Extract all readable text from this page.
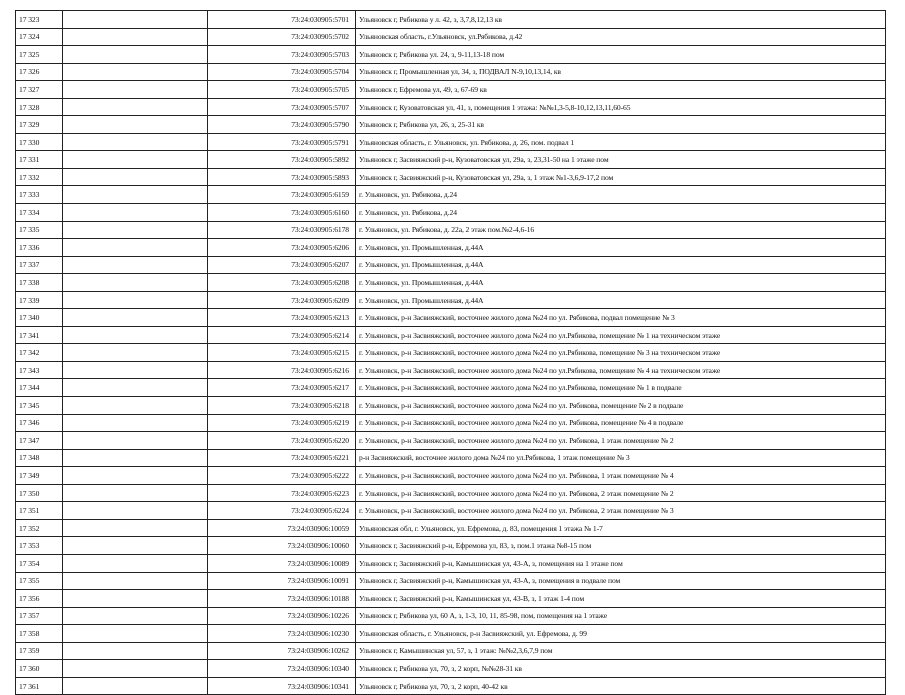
17 323		73:24:030905:5701	Ульяновск г, Рябикова у л. 42, з, 3,7,8,12,13 кв
17 324		73:24:030905:5702	Ульяновская область, г.Ульяновск, ул.Рябикова, д.42
17 325		73:24:030905:5703	Ульяновск г, Рябикова ул. 24, з, 9-11,13-18 пом
17 326		73:24:030905:5704	Ульяновск г, Промышленная ул, 34, з, ПОДВАЛ N-9,10,13,14, кв
17 327		73:24:030905:5705	Ульяновск г, Ефремова ул, 49, з, 67-69 кв
17 328		73:24:030905:5707	Ульяновск г, Кузоватовская ул, 41, з, помещения 1 этажа: №№1,3-5,8-10,12,13,11,60-65
17 329		73:24:030905:5790	Ульяновск г, Рябикова ул, 26, з, 25-31 кв
17 330		73:24:030905:5791	Ульяновская область, г. Ульяновск, ул. Рябикова, д. 26, пом. подвал 1
17 331		73:24:030905:5892	Ульяновск г, Засвияжский р-н, Кузоватовская ул, 29а, з, 23,31-50 на 1 этаже пом
17 332		73:24:030905:5893	Ульяновск г, Засвияжский р-н, Кузоватовская ул, 29а, з, 1 этаж №1-3,6,9-17,2 пом
17 333		73:24:030905:6159	г. Ульяновск, ул. Рябикова, д.24
17 334		73:24:030905:6160	г. Ульяновск, ул. Рябикова, д.24
17 335		73:24:030905:6178	г. Ульяновск, ул. Рябикова, д. 22а, 2 этаж пом.№2-4,6-16
17 336		73:24:030905:6206	г. Ульяновск, ул. Промышленная, д.44А
17 337		73:24:030905:6207	г. Ульяновск, ул. Промышленная, д.44А
17 338		73:24:030905:6208	г. Ульяновск, ул. Промышленная, д.44А
17 339		73:24:030905:6209	г. Ульяновск, ул. Промышленная, д.44А
17 340		73:24:030905:6213	г. Ульяновск, р-н Засвияжский, восточнее жилого дома №24 по ул. Рябикова, подвал помещение № 3
17 341		73:24:030905:6214	г. Ульяновск, р-н Засвияжский, восточнее жилого дома №24 по ул.Рябикова, помещение № 1 на техническом этаже
17 342		73:24:030905:6215	г. Ульяновск, р-н Засвияжский, восточнее жилого дома №24 по ул.Рябикова, помещение № 3 на техническом этаже
17 343		73:24:030905:6216	г. Ульяновск, р-н Засвияжский, восточнее жилого дома №24 по ул.Рябикова, помещение № 4 на техническом этаже
17 344		73:24:030905:6217	г. Ульяновск, р-н Засвияжский, восточнее жилого дома №24 по ул.Рябикова, помещение № 1 в подвале
17 345		73:24:030905:6218	г. Ульяновск, р-н Засвияжский, восточнее жилого дома №24 по ул. Рябикова, помещение № 2 в подвале
17 346		73:24:030905:6219	г. Ульяновск, р-н Засвияжский, восточнее жилого дома №24 по ул. Рябикова, помещение № 4 в подвале
17 347		73:24:030905:6220	г. Ульяновск, р-н Засвияжский, восточнее жилого дома №24 по ул. Рябикова, 1 этаж помещение № 2
17 348		73:24:030905:6221	р-н Засвияжский, восточнее жилого дома №24 по ул.Рябикова, 1 этаж помещение № 3
17 349		73:24:030905:6222	г. Ульяновск, р-н Засвияжский, восточнее жилого дома №24 по ул. Рябикова, 1 этаж помещение № 4
17 350		73:24:030905:6223	г. Ульяновск, р-н Засвияжский, восточнее жилого дома №24 по ул. Рябикова, 2 этаж помещение № 2
17 351		73:24:030905:6224	г. Ульяновск, р-н Засвияжский, восточнее жилого дома №24 по ул. Рябикова, 2 этаж помещение № 3
17 352		73:24:030906:10059	Ульяновская обл, г. Ульяновск, ул. Ефремова, д. 83, помещения 1 этажа № 1-7
17 353		73:24:030906:10060	Ульяновск г, Засвияжский р-н, Ефремова ул, 83, з, пом.1 этажа №8-15 пом
17 354		73:24:030906:10089	Ульяновск г, Засвияжский р-н, Камышинская ул, 43-А, з, помещения на 1 этаже пом
17 355		73:24:030906:10091	Ульяновск г, Засвияжский р-н, Камышинская ул, 43-А, з, помещения в подвале пом
17 356		73:24:030906:10188	Ульяновск г, Засвияжский р-н, Камышинская ул, 43-В, з, 1 этаж 1-4 пом
17 357		73:24:030906:10226	Ульяновск г, Рябикова ул, 60 А, з, 1-3, 10, 11, 85-98, пом, помещения на 1 этаже
17 358		73:24:030906:10230	Ульяновская область, г. Ульяновск, р-н Засвияжский, ул. Ефремова, д. 99
17 359		73:24:030906:10262	Ульяновск г, Камышинская ул, 57, з, 1 этаж: №№2,3,6,7,9 пом
17 360		73:24:030906:10340	Ульяновск г, Рябикова ул, 70, з, 2 корп, №№28-31 кв
17 361		73:24:030906:10341	Ульяновск г, Рябикова ул, 70, з, 2 корп, 40-42 кв
